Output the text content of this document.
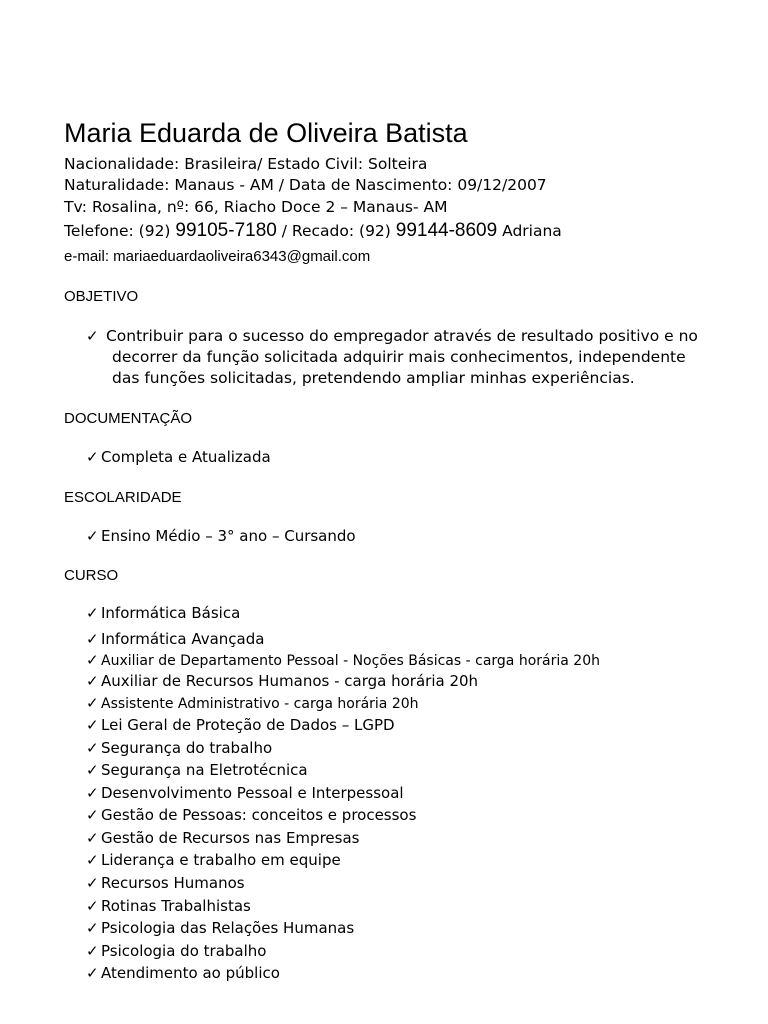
Maria Eduarda de Oliveira Batista
Nacionalidade: Brasileira/ Estado Civil: Solteira
Naturalidade: Manaus - AM / Data de Nascimento: 09/12/2007
Tv: Rosalina, nº: 66, Riacho Doce 2 – Manaus- AM
Telefone: (92) 99105-7180 / Recado: (92) 99144-8609 Adriana
e-mail: mariaeduardaoliveira6343@gmail.com
OBJETIVO
✓ Contribuir para o sucesso do empregador através de resultado positivo e no
decorrer da função solicitada adquirir mais conhecimentos, independente
das funções solicitadas, pretendendo ampliar minhas experiências.
DOCUMENTAÇÃO
✓ Completa e Atualizada
ESCOLARIDADE
✓ Ensino Médio – 3° ano – Cursando
CURSO
✓ Informática Básica
✓ Informática Avançada
✓ Auxiliar de Departamento Pessoal - Noções Básicas - carga horária 20h
✓ Auxiliar de Recursos Humanos - carga horária 20h
✓ Assistente Administrativo - carga horária 20h
✓ Lei Geral de Proteção de Dados – LGPD
✓ Segurança do trabalho
✓ Segurança na Eletrotécnica
✓ Desenvolvimento Pessoal e Interpessoal
✓ Gestão de Pessoas: conceitos e processos
✓ Gestão de Recursos nas Empresas
✓ Liderança e trabalho em equipe
✓ Recursos Humanos
✓ Rotinas Trabalhistas
✓ Psicologia das Relações Humanas
✓ Psicologia do trabalho
✓ Atendimento ao público
